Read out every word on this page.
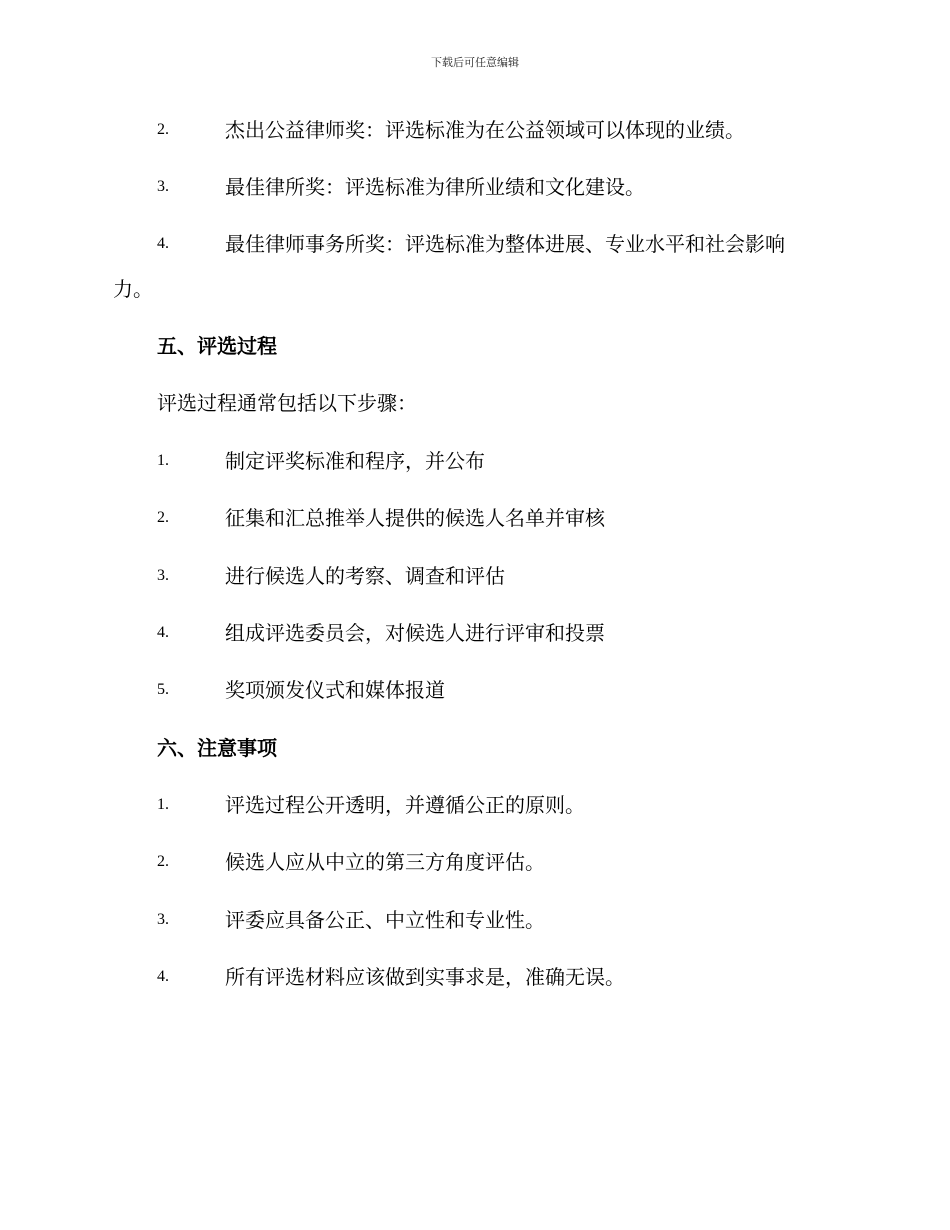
下载后可任意编辑
2.	杰出公益律师奖：评选标准为在公益领域可以体现的业绩。
3.	最佳律所奖：评选标准为律所业绩和文化建设。
4.	最佳律师事务所奖：评选标准为整体进展、专业水平和社会影响
力。
五、评选过程
评选过程通常包括以下步骤：
1.	制定评奖标准和程序，并公布
2.	征集和汇总推举人提供的候选人名单并审核
3.	进行候选人的考察、调查和评估
4.	组成评选委员会，对候选人进行评审和投票
5.	奖项颁发仪式和媒体报道
六、注意事项
1.	评选过程公开透明，并遵循公正的原则。
2.	候选人应从中立的第三方角度评估。
3.	评委应具备公正、中立性和专业性。
4.	所有评选材料应该做到实事求是，准确无误。
